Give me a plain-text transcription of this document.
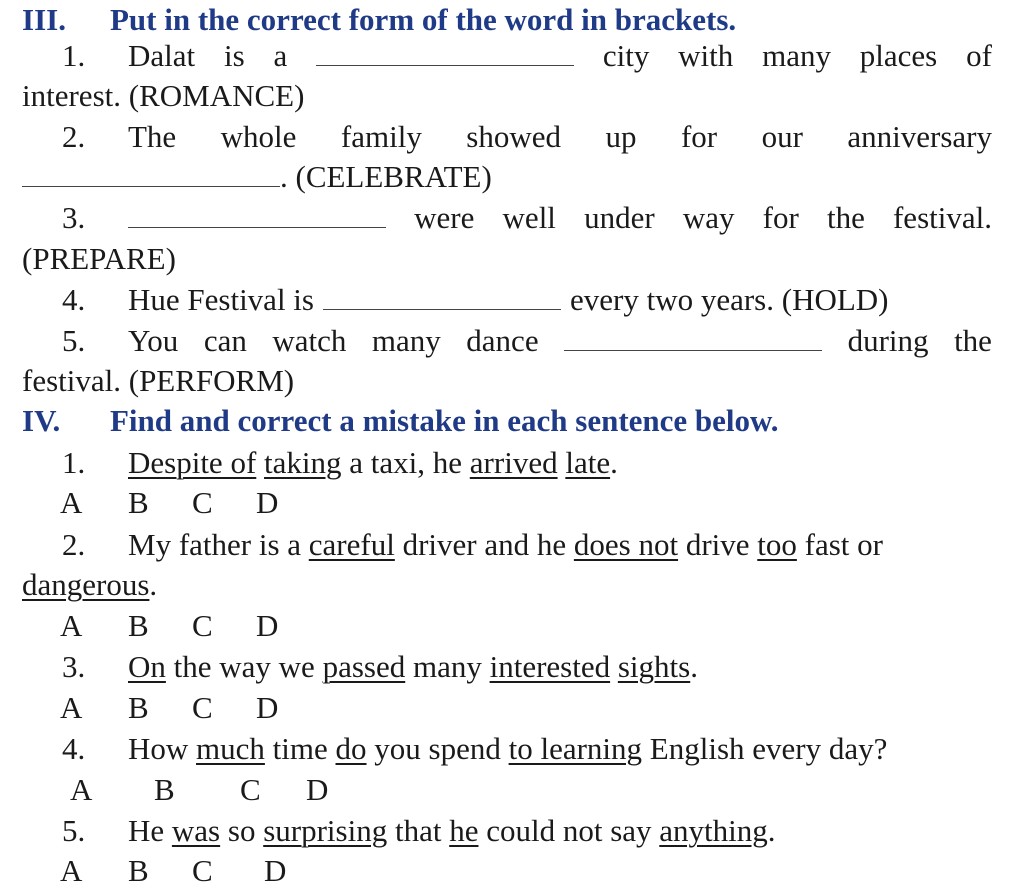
III. Put in the correct form of the word in brackets.
1. Dalat is a	city with many places of
interest. (ROMANCE)
2. The whole family showed up for our anniversary
. (CELEBRATE)
3.	were well under way for the festival.
(PREPARE)
4.	Hue Festival is	every two years. (HOLD)
5. You can watch many dance	during the
festival. (PERFORM)
IV. Find and correct a mistake in each sentence below.
1.	Despite of taking a taxi, he arrived late.
A B C D
2.	My father is a careful driver and he does not drive too fast or
dangerous.
A B C D
3.	On the way we passed many interested sights.
A B C D
4.	How much time do you spend to learning English every day?
A B C D
5.	He was so surprising that he could not say anything.
A B C D
